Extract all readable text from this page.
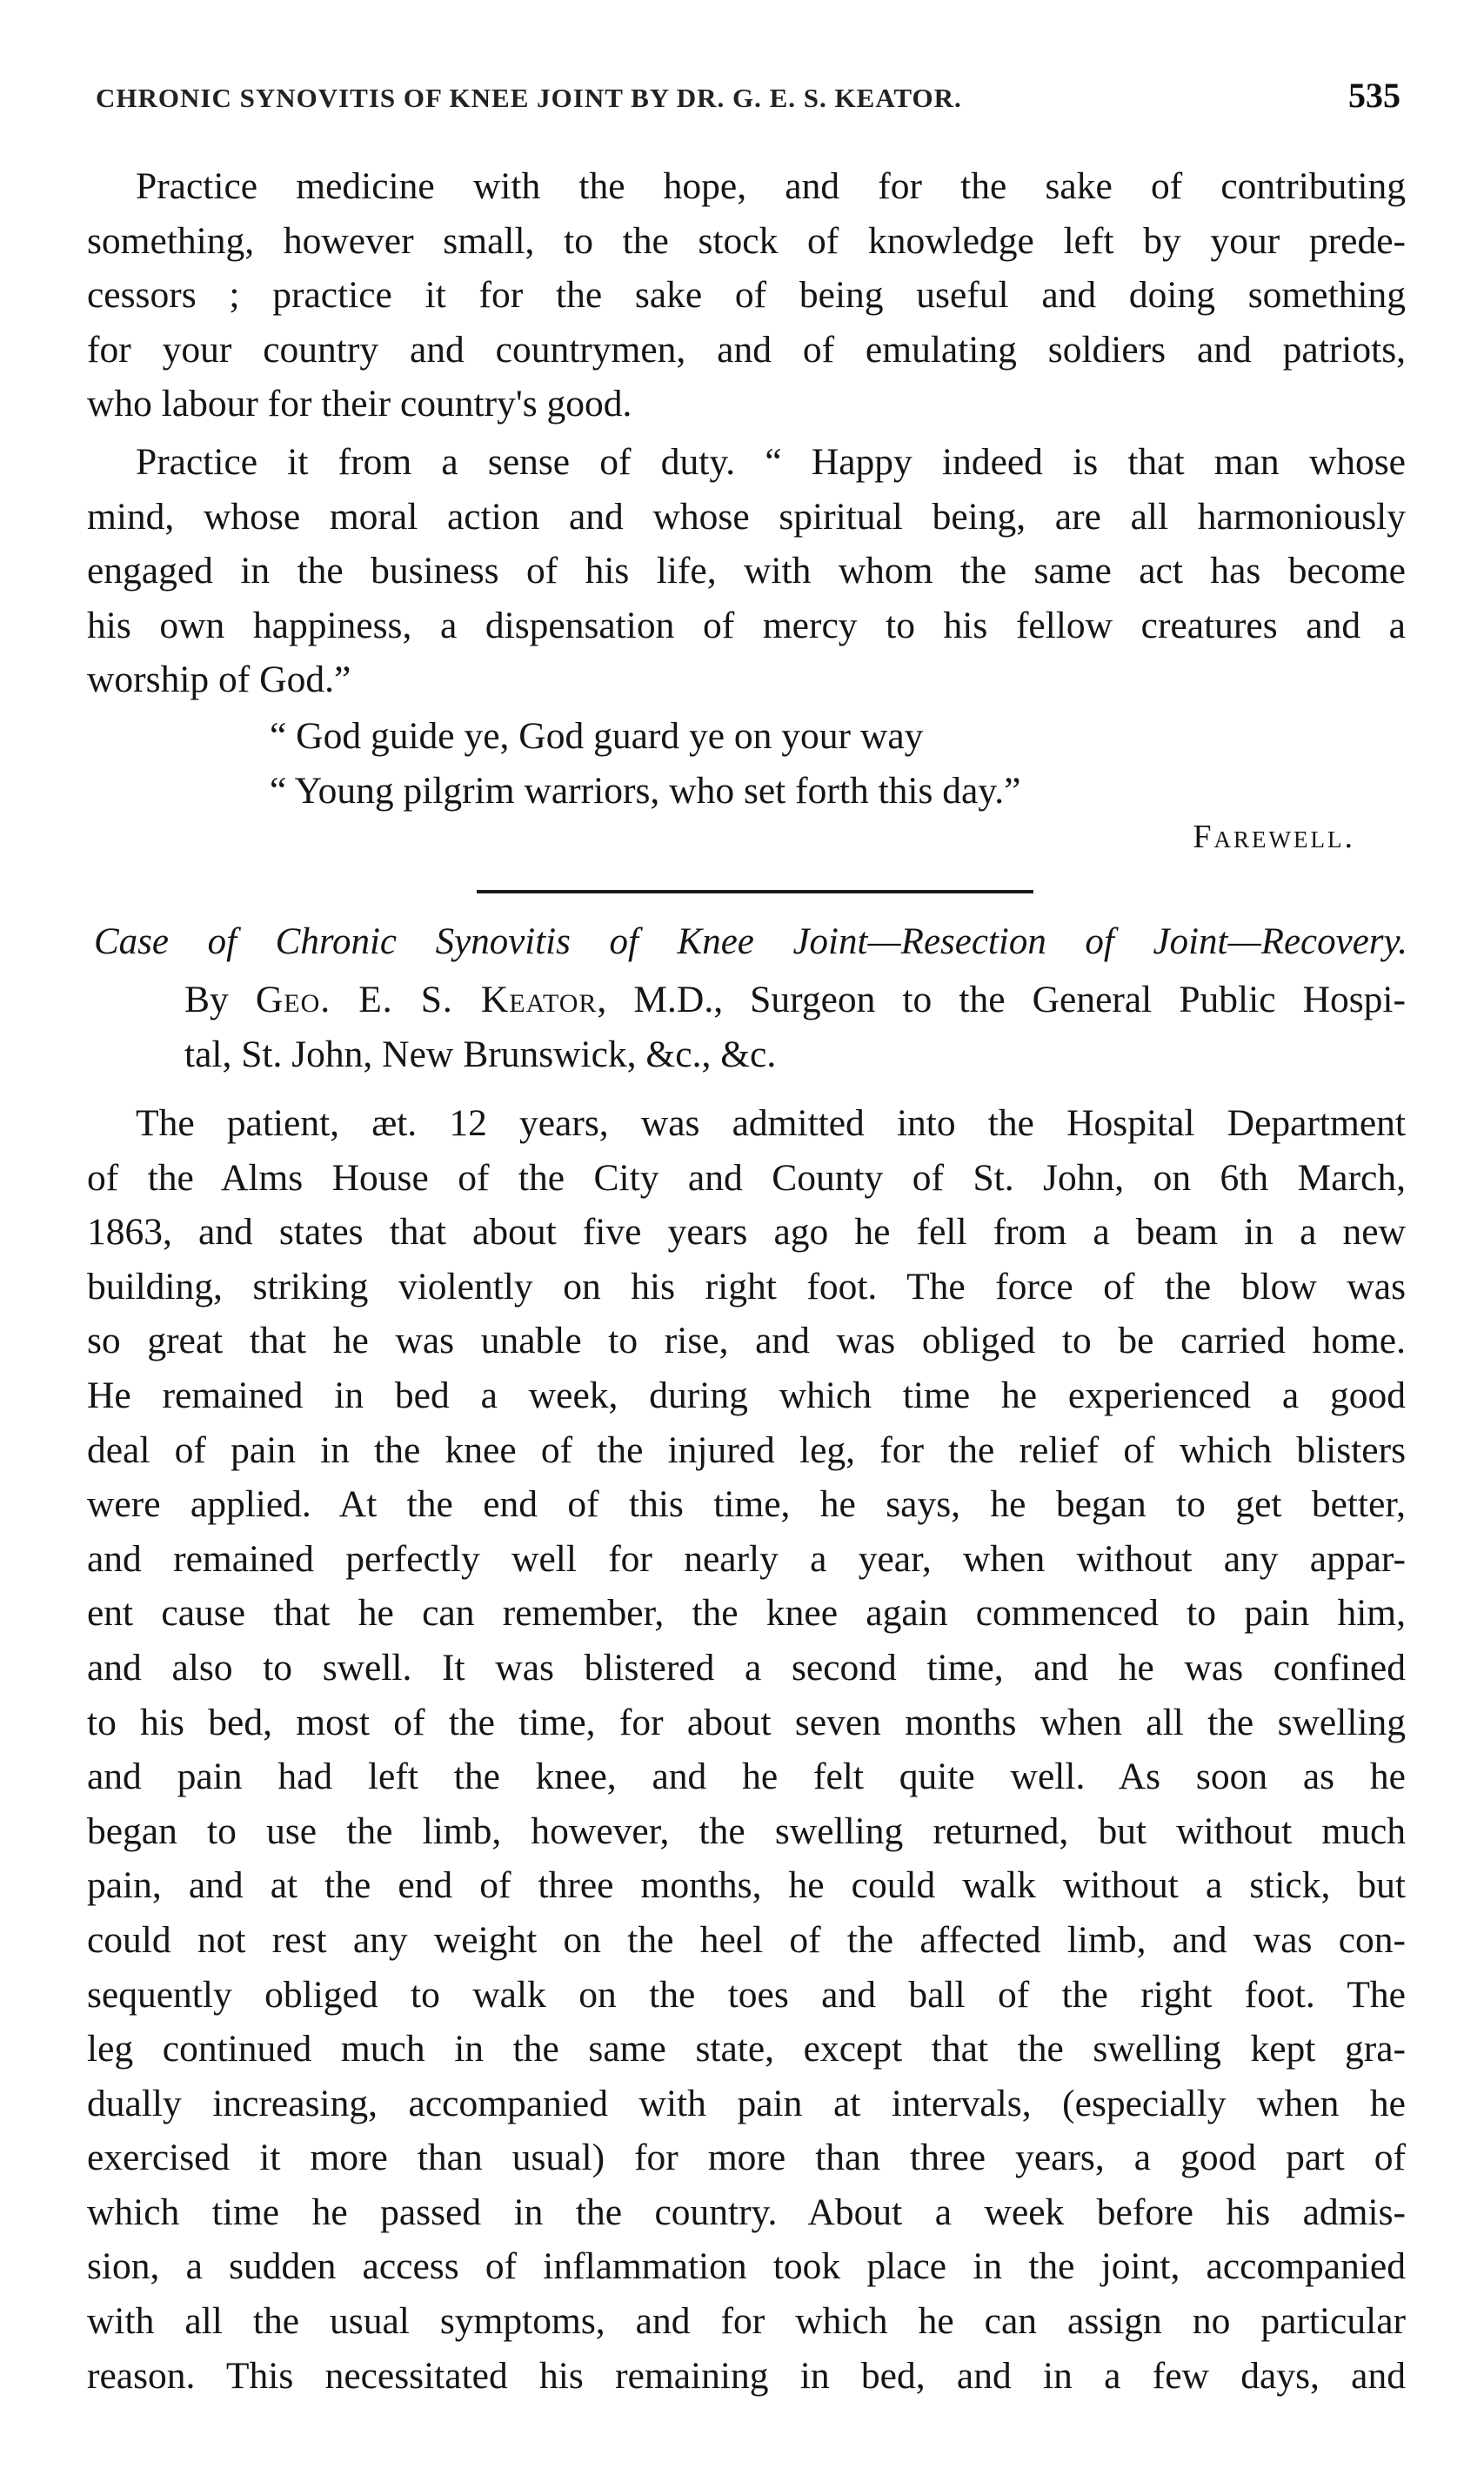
CHRONIC SYNOVITIS OF KNEE JOINT BY DR. G. E. S. KEATOR.	535
Practice medicine with the hope, and for the sake of contributing
something, however small, to the stock of knowledge left by your prede-
cessors ; practice it for the sake of being useful and doing something
for your country and countrymen, and of emulating soldiers and patriots,
who labour for their country's good.
Practice it from a sense of duty. “ Happy indeed is that man whose
mind, whose moral action and whose spiritual being, are all harmoniously
engaged in the business of his life, with whom the same act has become
his own happiness, a dispensation of mercy to his fellow creatures and a
worship of God.”
“ God guide ye, God guard ye on your way
“ Young pilgrim warriors, who set forth this day.”
Farewell.
Case of Chronic Synovitis of Knee Joint—Resection of Joint—Recovery.
By Geo. E. S. Keator, M.D., Surgeon to the General Public Hospi-
tal, St. John, New Brunswick, &c., &c.
The patient, æt. 12 years, was admitted into the Hospital Department
of the Alms House of the City and County of St. John, on 6th March,
1863, and states that about five years ago he fell from a beam in a new
building, striking violently on his right foot. The force of the blow was
so great that he was unable to rise, and was obliged to be carried home.
He remained in bed a week, during which time he experienced a good
deal of pain in the knee of the injured leg, for the relief of which blisters
were applied. At the end of this time, he says, he began to get better,
and remained perfectly well for nearly a year, when without any appar-
ent cause that he can remember, the knee again commenced to pain him,
and also to swell. It was blistered a second time, and he was confined
to his bed, most of the time, for about seven months when all the swelling
and pain had left the knee, and he felt quite well. As soon as he
began to use the limb, however, the swelling returned, but without much
pain, and at the end of three months, he could walk without a stick, but
could not rest any weight on the heel of the affected limb, and was con-
sequently obliged to walk on the toes and ball of the right foot. The
leg continued much in the same state, except that the swelling kept gra-
dually increasing, accompanied with pain at intervals, (especially when he
exercised it more than usual) for more than three years, a good part of
which time he passed in the country. About a week before his admis-
sion, a sudden access of inflammation took place in the joint, accompanied
with all the usual symptoms, and for which he can assign no particular
reason. This necessitated his remaining in bed, and in a few days, and
